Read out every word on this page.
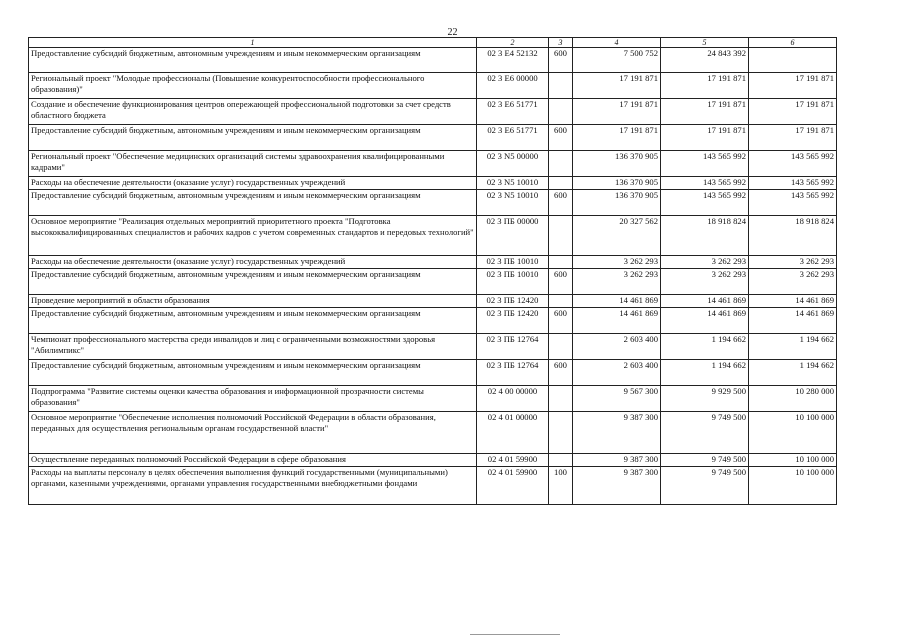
22
1	2	3	4	5	6
Предоставление субсидий бюджетным, автономным учреждениям и иным некоммерческим организациям	02 3 Е4 52132	600	7 500 752	24 843 392	
Региональный проект "Молодые профессионалы (Повышение конкурентоспособности профессионального образования)"	02 3 Е6 00000		17 191 871	17 191 871	17 191 871
Создание и обеспечение функционирования центров опережающей профессиональной подготовки за счет средств областного бюджета	02 3 Е6 51771		17 191 871	17 191 871	17 191 871
Предоставление субсидий бюджетным, автономным учреждениям и иным некоммерческим организациям	02 3 Е6 51771	600	17 191 871	17 191 871	17 191 871
Региональный проект "Обеспечение медицинских организаций системы здравоохранения квалифицированными кадрами"	02 3 N5 00000		136 370 905	143 565 992	143 565 992
Расходы на обеспечение деятельности (оказание услуг) государственных учреждений	02 3 N5 10010		136 370 905	143 565 992	143 565 992
Предоставление субсидий бюджетным, автономным учреждениям и иным некоммерческим организациям	02 3 N5 10010	600	136 370 905	143 565 992	143 565 992
Основное мероприятие "Реализация отдельных мероприятий приоритетного проекта "Подготовка высококвалифицированных специалистов и рабочих кадров с учетом современных стандартов и передовых технологий"	02 3 ПБ 00000		20 327 562	18 918 824	18 918 824
Расходы на обеспечение деятельности (оказание услуг) государственных учреждений	02 3 ПБ 10010		3 262 293	3 262 293	3 262 293
Предоставление субсидий бюджетным, автономным учреждениям и иным некоммерческим организациям	02 3 ПБ 10010	600	3 262 293	3 262 293	3 262 293
Проведение мероприятий в области образования	02 3 ПБ 12420		14 461 869	14 461 869	14 461 869
Предоставление субсидий бюджетным, автономным учреждениям и иным некоммерческим организациям	02 3 ПБ 12420	600	14 461 869	14 461 869	14 461 869
Чемпионат профессионального мастерства среди инвалидов и лиц с ограниченными возможностями здоровья "Абилимпикс"	02 3 ПБ 12764		2 603 400	1 194 662	1 194 662
Предоставление субсидий бюджетным, автономным учреждениям и иным некоммерческим организациям	02 3 ПБ 12764	600	2 603 400	1 194 662	1 194 662
Подпрограмма "Развитие системы оценки качества образования и информационной прозрачности системы образования"	02 4 00 00000		9 567 300	9 929 500	10 280 000
Основное мероприятие "Обеспечение исполнения полномочий Российской Федерации в области образования, переданных для осуществления региональным органам государственной власти"	02 4 01 00000		9 387 300	9 749 500	10 100 000
Осуществление переданных полномочий Российской Федерации в сфере образования	02 4 01 59900		9 387 300	9 749 500	10 100 000
Расходы на выплаты персоналу в целях обеспечения выполнения функций государственными (муниципальными) органами, казенными учреждениями, органами управления государственными внебюджетными фондами	02 4 01 59900	100	9 387 300	9 749 500	10 100 000
